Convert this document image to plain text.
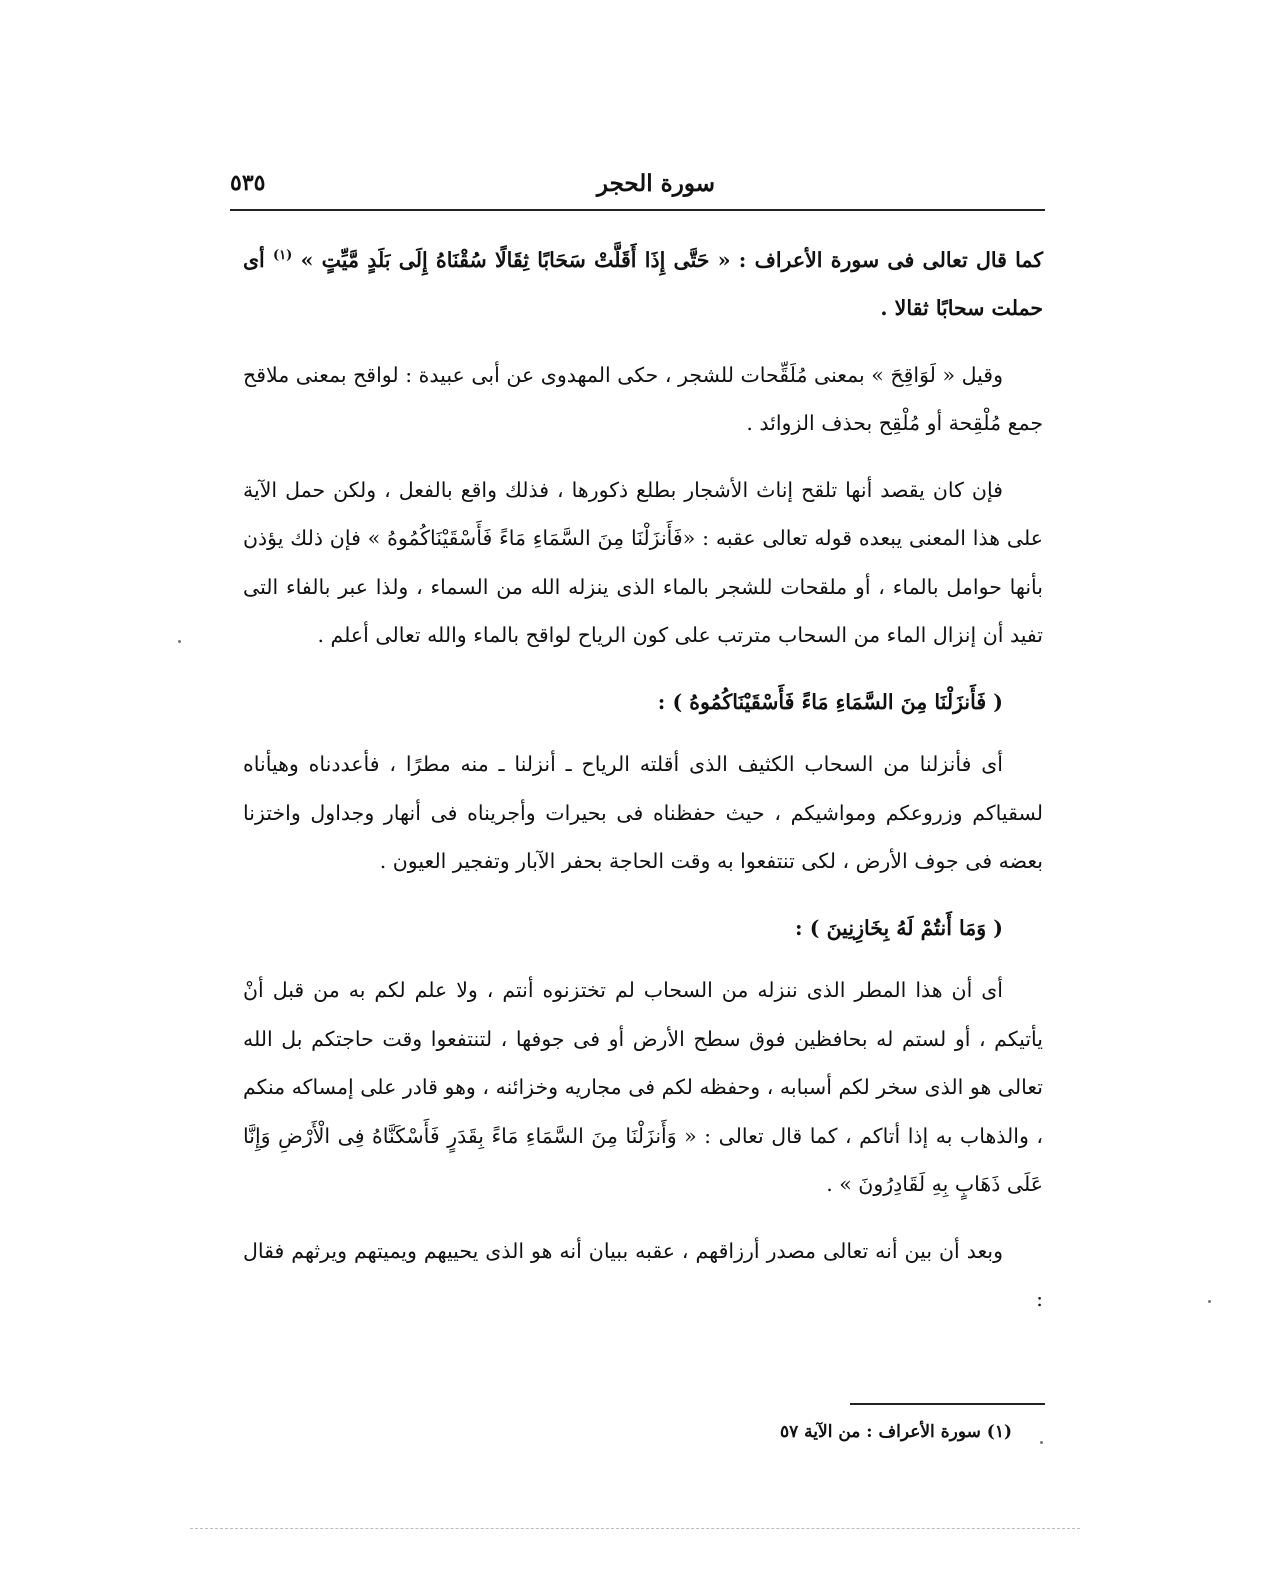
سورة الحجر
٥٣٥

كما قال تعالى فى سورة الأعراف : « حَتَّى إِذَا أَقَلَّتْ سَحَابًا ثِقَالًا سُقْنَاهُ إِلَى بَلَدٍ مَّيِّتٍ » $^{(١)}$ أى حملت سحابًا ثقالا .

وقيل « لَوَاقِحَ » بمعنى مُلَقِّحات للشجر ، حكى المهدوى عن أبى عبيدة : لواقح بمعنى ملاقح جمع مُلْقِحة أو مُلْقِح بحذف الزوائد .

فإن كان يقصد أنها تلقح إناث الأشجار بطلع ذكورها ، فذلك واقع بالفعل ، ولكن حمل الآية على هذا المعنى يبعده قوله تعالى عقبه : «فَأَنزَلْنَا مِنَ السَّمَاءِ مَاءً فَأَسْقَيْنَاكُمُوهُ » فإن ذلك يؤذن بأنها حوامل بالماء ، أو ملقحات للشجر بالماء الذى ينزله الله من السماء ، ولذا عبر بالفاء التى تفيد أن إنزال الماء من السحاب مترتب على كون الرياح لواقح بالماء والله تعالى أعلم .

( فَأَنزَلْنَا مِنَ السَّمَاءِ مَاءً فَأَسْقَيْنَاكُمُوهُ ) :

أى فأنزلنا من السحاب الكثيف الذى أقلته الرياح ـ أنزلنا ـ منه مطرًا ، فأعددناه وهيأناه لسقياكم وزروعكم ومواشيكم ، حيث حفظناه فى بحيرات وأجريناه فى أنهار وجداول واختزنا بعضه فى جوف الأرض ، لكى تنتفعوا به وقت الحاجة بحفر الآبار وتفجير العيون .

( وَمَا أَنتُمْ لَهُ بِخَازِنِينَ ) :

أى أن هذا المطر الذى ننزله من السحاب لم تختزنوه أنتم ، ولا علم لكم به من قبل أنْ يأتيكم ، أو لستم له بحافظين فوق سطح الأرض أو فى جوفها ، لتنتفعوا وقت حاجتكم بل الله تعالى هو الذى سخر لكم أسبابه ، وحفظه لكم فى مجاريه وخزائنه ، وهو قادر على إمساكه منكم ، والذهاب به إذا أتاكم ، كما قال تعالى : « وَأَنزَلْنَا مِنَ السَّمَاءِ مَاءً بِقَدَرٍ فَأَسْكَنَّاهُ فِى الْأَرْضِ وَإِنَّا عَلَى ذَهَابٍ بِهِ لَقَادِرُونَ » .

وبعد أن بين أنه تعالى مصدر أرزاقهم ، عقبه ببيان أنه هو الذى يحييهم ويميتهم ويرثهم فقال :

(١) سورة الأعراف : من الآية ٥٧
